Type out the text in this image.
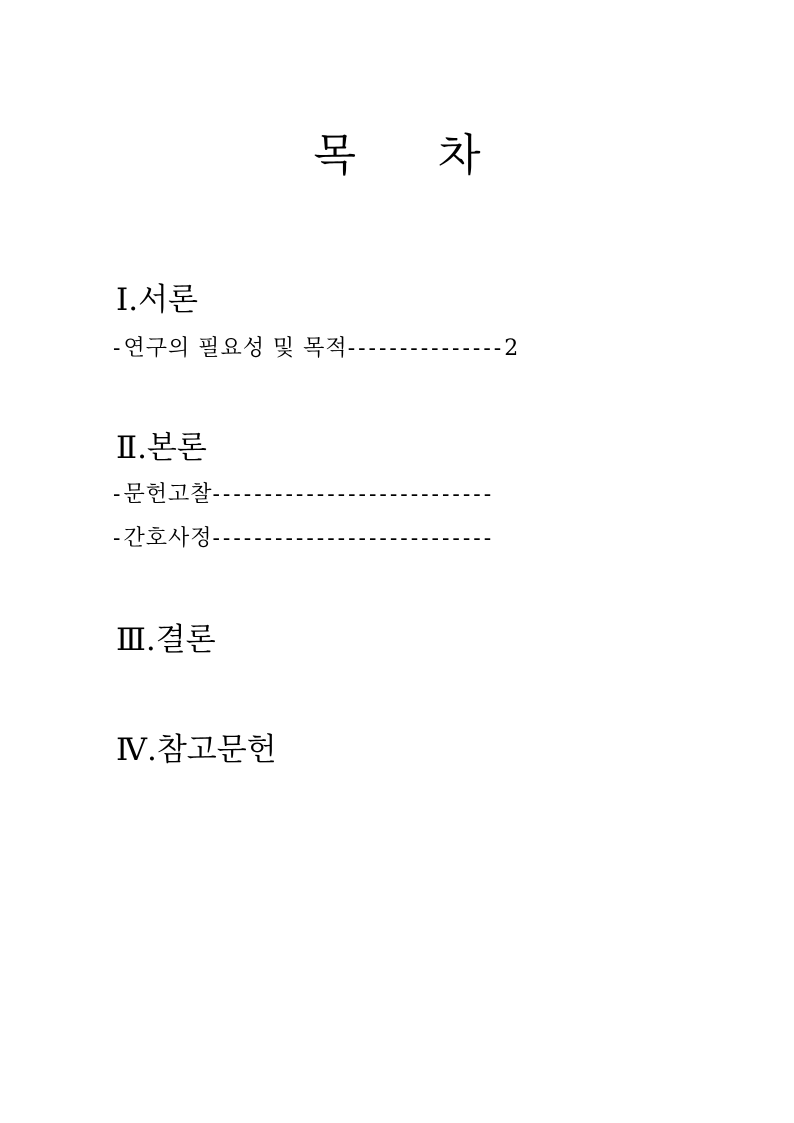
목 차
Ⅰ.서론
-연구의 필요성 및 목적---------------2
Ⅱ.본론
-문헌고찰---------------------------
-간호사정---------------------------
Ⅲ.결론
Ⅳ.참고문헌
